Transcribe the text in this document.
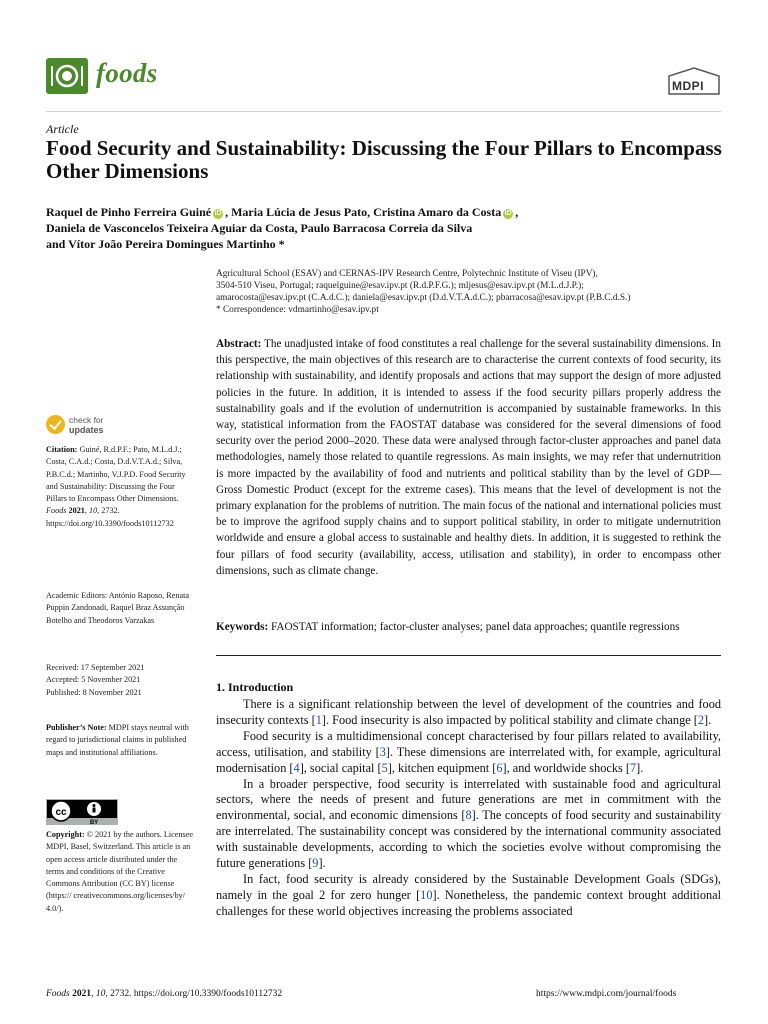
foods	MDPI
Article
Food Security and Sustainability: Discussing the Four Pillars to Encompass Other Dimensions
Raquel de Pinho Ferreira Guiné iD , Maria Lúcia de Jesus Pato, Cristina Amaro da Costa iD ,
Daniela de Vasconcelos Teixeira Aguiar da Costa, Paulo Barracosa Correia da Silva
and Vítor João Pereira Domingues Martinho *
Agricultural School (ESAV) and CERNAS-IPV Research Centre, Polytechnic Institute of Viseu (IPV),
3504-510 Viseu, Portugal; raquelguine@esav.ipv.pt (R.d.P.F.G.); mljesus@esav.ipv.pt (M.L.d.J.P.);
amarocosta@esav.ipv.pt (C.A.d.C.); daniela@esav.ipv.pt (D.d.V.T.A.d.C.); pbarracosa@esav.ipv.pt (P.B.C.d.S.)
* Correspondence: vdmartinho@esav.ipv.pt
check for
updates
Citation: Guiné, R.d.P.F.; Pato, M.L.d.J.; Costa, C.A.d.; Costa, D.d.V.T.A.d.; Silva, P.B.C.d.; Martinho, V.J.P.D. Food Security and Sustainability: Discussing the Four Pillars to Encompass Other Dimensions. Foods 2021, 10, 2732. https://doi.org/10.3390/foods10112732
Academic Editors: António Raposo, Renata Puppin Zandonadi, Raquel Braz Assunção Botelho and Theodoros Varzakas
Received: 17 September 2021
Accepted: 5 November 2021
Published: 8 November 2021
Publisher’s Note: MDPI stays neutral with regard to jurisdictional claims in published maps and institutional affiliations.
cc
BY
Copyright: © 2021 by the authors. Licensee MDPI, Basel, Switzerland. This article is an open access article distributed under the terms and conditions of the Creative Commons Attribution (CC BY) license (https:// creativecommons.org/licenses/by/ 4.0/).
Abstract: The unadjusted intake of food constitutes a real challenge for the several sustainability dimensions. In this perspective, the main objectives of this research are to characterise the current contexts of food security, its relationship with sustainability, and identify proposals and actions that may support the design of more adjusted policies in the future. In addition, it is intended to assess if the food security pillars properly address the sustainability goals and if the evolution of undernutrition is accompanied by sustainable frameworks. In this way, statistical information from the FAOSTAT database was considered for the several dimensions of food security over the period 2000–2020. These data were analysed through factor-cluster approaches and panel data methodologies, namely those related to quantile regressions. As main insights, we may refer that undernutrition is more impacted by the availability of food and nutrients and political stability than by the level of GDP—Gross Domestic Product (except for the extreme cases). This means that the level of development is not the primary explanation for the problems of nutrition. The main focus of the national and international policies must be to improve the agrifood supply chains and to support political stability, in order to mitigate undernutrition worldwide and ensure a global access to sustainable and healthy diets. In addition, it is suggested to rethink the four pillars of food security (availability, access, utilisation and stability), in order to encompass other dimensions, such as climate change.
Keywords: FAOSTAT information; factor-cluster analyses; panel data approaches; quantile regressions
1. Introduction

There is a significant relationship between the level of development of the countries and food insecurity contexts [1]. Food insecurity is also impacted by political stability and climate change [2].

Food security is a multidimensional concept characterised by four pillars related to availability, access, utilisation, and stability [3]. These dimensions are interrelated with, for example, agricultural modernisation [4], social capital [5], kitchen equipment [6], and worldwide shocks [7].

In a broader perspective, food security is interrelated with sustainable food and agricultural sectors, where the needs of present and future generations are met in commitment with the environmental, social, and economic dimensions [8]. The concepts of food security and sustainability are interrelated. The sustainability concept was considered by the international community associated with sustainable developments, according to which the societies evolve without compromising the future generations [9].

In fact, food security is already considered by the Sustainable Development Goals (SDGs), namely in the goal 2 for zero hunger [10]. Nonetheless, the pandemic context brought additional challenges for these world objectives increasing the problems associated

Foods 2021, 10, 2732. https://doi.org/10.3390/foods10112732	https://www.mdpi.com/journal/foods
